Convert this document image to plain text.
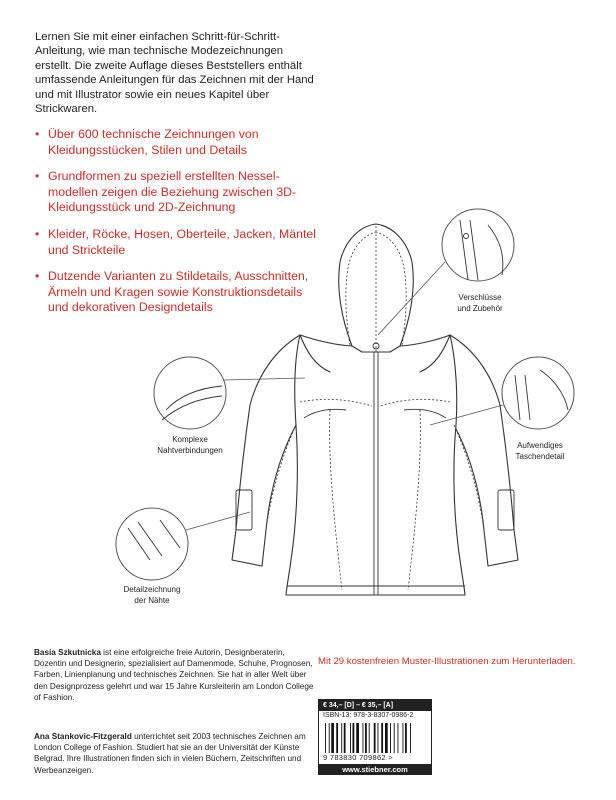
Lernen Sie mit einer einfachen Schritt-für-Schritt-Anleitung, wie man technische Modezeichnungen erstellt. Die zweite Auflage dieses Beststellers enthält umfassende Anleitungen für das Zeichnen mit der Hand und mit Illustrator sowie ein neues Kapitel über Strickwaren.
• Über 600 technische Zeichnungen von Kleidungsstücken, Stilen und Details
• Grundformen zu speziell erstellten Nesselmodellen zeigen die Beziehung zwischen 3D-Kleidungsstück und 2D-Zeichnung
• Kleider, Röcke, Hosen, Oberteile, Jacken, Mäntel und Strickteile
• Dutzende Varianten zu Stildetails, Ausschnitten, Ärmeln und Kragen sowie Konstruktionsdetails und dekorativen Designdetails
Verschlüsse
und Zubehör
Komplexe
Nahtverbindungen
Aufwendiges
Taschendetail
Detailzeichnung
der Nähte
Basia Szkutnicka ist eine erfolgreiche freie Autorin, Designberaterin, Dozentin und Designerin, spezialisiert auf Damenmode, Schuhe, Prognosen, Farben, Linienplanung und technisches Zeichnen. Sie hat in aller Welt über den Designprozess gelehrt und war 15 Jahre Kursleiterin am London College of Fashion.
Ana Stankovic-Fitzgerald unterrichtet seit 2003 technisches Zeichnen am London College of Fashion. Studiert hat sie an der Universität der Künste Belgrad. Ihre Illustrationen finden sich in vielen Büchern, Zeitschriften und Werbeanzeigen.
Mit 29 kostenfreien Muster-Illustrationen zum Herunterladen.
€ 34,– [D] – € 35,– [A]
ISBN-13: 978-3-8307-0986-2
9 783830 709862 >
www.stiebner.com
